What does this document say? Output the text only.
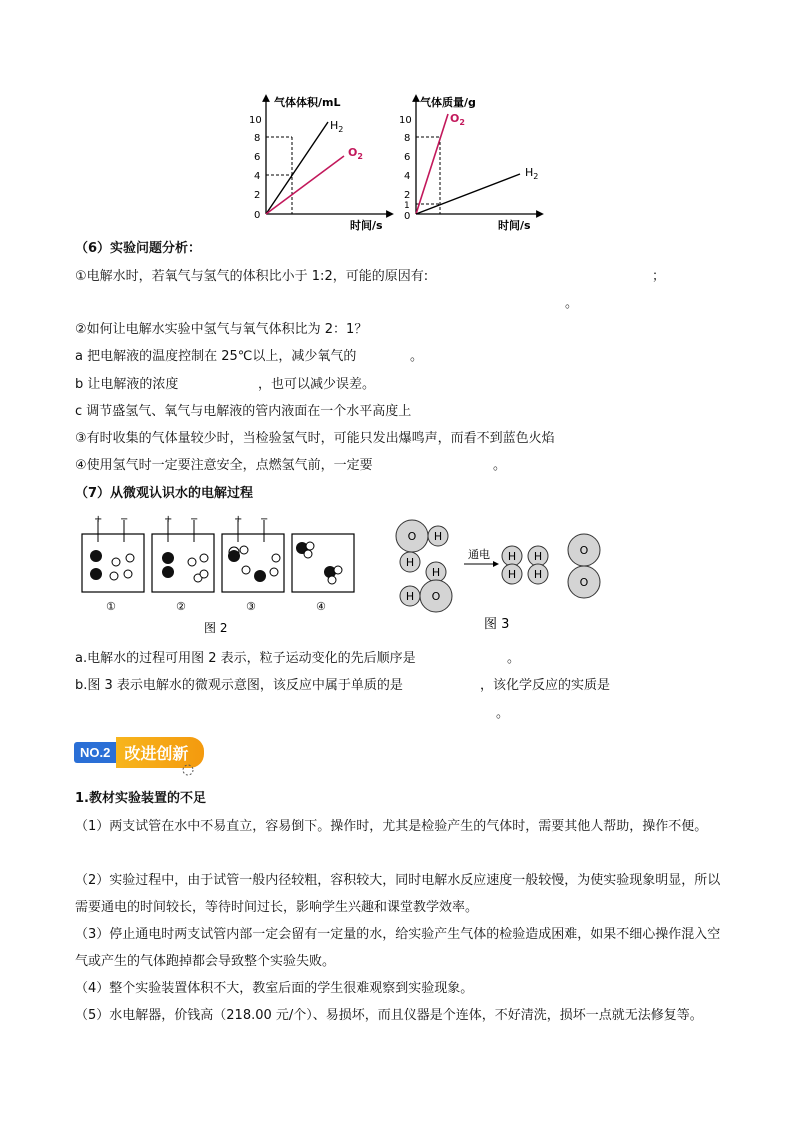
气体体积/mL
时间/s
10
8
6
4
2
0
$H_2$
$O_2$
气体质量/g
时间/s
10
8
6
4
2
1
0
$O_2$
$H_2$
（6）实验问题分析：
①电解水时，若氧气与氢气的体积比小于 1:2，可能的原因有:	；
。
②如何让电解水实验中氢气与氧气体积比为 2：1？
a 把电解液的温度控制在 25℃以上，减少氧气的	。
b 让电解液的浓度	，也可以减少误差。
c 调节盛氢气、氧气与电解液的管内液面在一个水平高度上
③有时收集的气体量较少时，当检验氢气时，可能只发出爆鸣声，而看不到蓝色火焰
④使用氢气时一定要注意安全，点燃氢气前，一定要	。
（7）从微观认识水的电解过程
+ −	+ −	+ −
①	②	③	④
图 2
O H
H
H
H O
H H
H H
O
O
通电
图 3
a.电解水的过程可用图 2 表示，粒子运动变化的先后顺序是	。
b.图 3 表示电解水的微观示意图，该反应中属于单质的是	，该化学反应的实质是
。
NO.2 改进创新
1.教材实验装置的不足
（1）两支试管在水中不易直立，容易倒下。操作时，尤其是检验产生的气体时，需要其他人帮助，操作不便。
（2）实验过程中，由于试管一般内径较粗，容积较大，同时电解水反应速度一般较慢，为使实验现象明显，所以需要通电的时间较长，等待时间过长，影响学生兴趣和课堂教学效率。
（3）停止通电时两支试管内部一定会留有一定量的水，给实验产生气体的检验造成困难，如果不细心操作混入空气或产生的气体跑掉都会导致整个实验失败。
（4）整个实验装置体积不大，教室后面的学生很难观察到实验现象。
（5）水电解器，价钱高（218.00 元/个）、易损坏，而且仪器是个连体，不好清洗，损坏一点就无法修复等。
